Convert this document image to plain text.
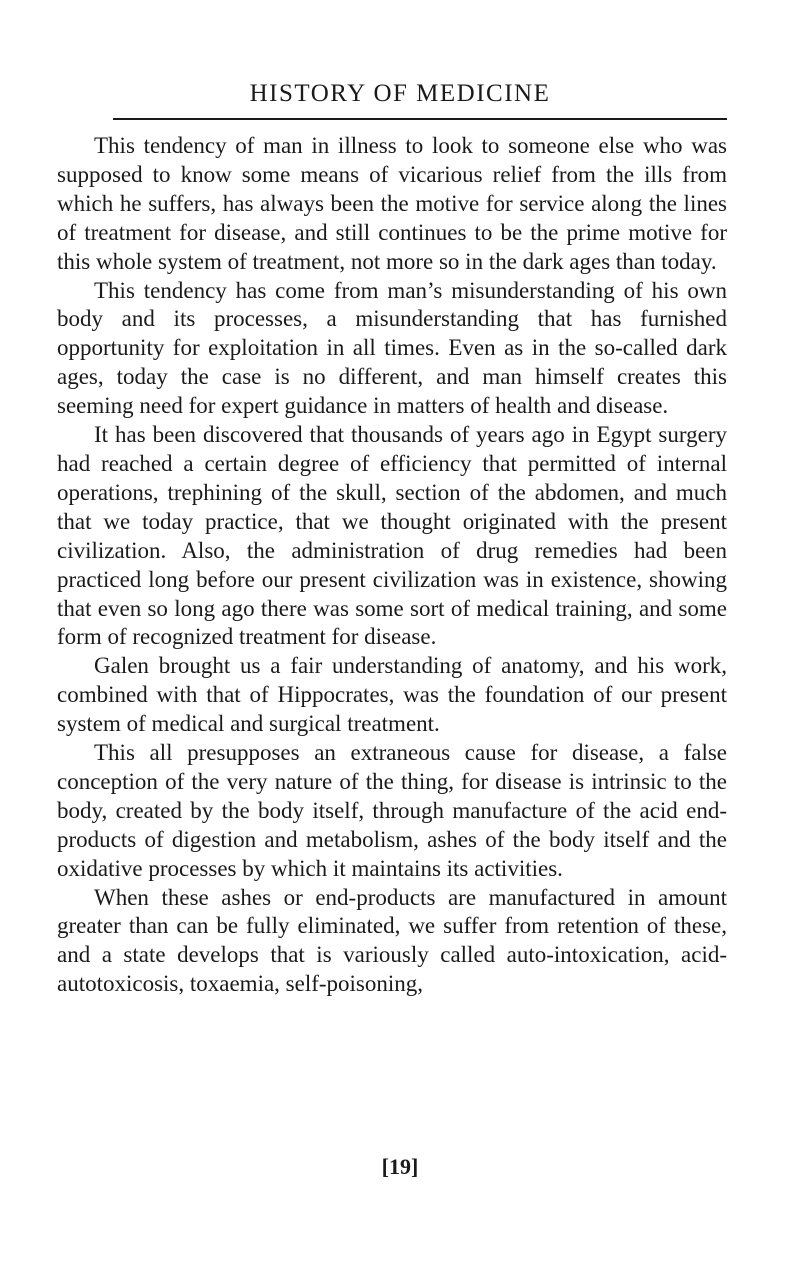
HISTORY OF MEDICINE

This tendency of man in illness to look to someone else who was supposed to know some means of vicarious relief from the ills from which he suffers, has always been the motive for service along the lines of treatment for disease, and still continues to be the prime motive for this whole system of treatment, not more so in the dark ages than today.

This tendency has come from man’s misunderstanding of his own body and its processes, a misunderstanding that has furnished opportunity for exploitation in all times. Even as in the so-called dark ages, today the case is no different, and man himself creates this seeming need for expert guidance in matters of health and disease.

It has been discovered that thousands of years ago in Egypt surgery had reached a certain degree of efficiency that permitted of internal operations, trephining of the skull, section of the abdomen, and much that we today practice, that we thought originated with the present civilization. Also, the administration of drug remedies had been practiced long before our present civilization was in existence, showing that even so long ago there was some sort of medical training, and some form of recognized treatment for disease.

Galen brought us a fair understanding of anatomy, and his work, combined with that of Hippocrates, was the foundation of our present system of medical and surgical treatment.

This all presupposes an extraneous cause for disease, a false conception of the very nature of the thing, for disease is intrinsic to the body, created by the body itself, through manufacture of the acid end-products of digestion and metabolism, ashes of the body itself and the oxidative processes by which it maintains its activities.

When these ashes or end-products are manufactured in amount greater than can be fully eliminated, we suffer from retention of these, and a state develops that is variously called auto-intoxication, acid-autotoxicosis, toxaemia, self-poisoning,

[19]
